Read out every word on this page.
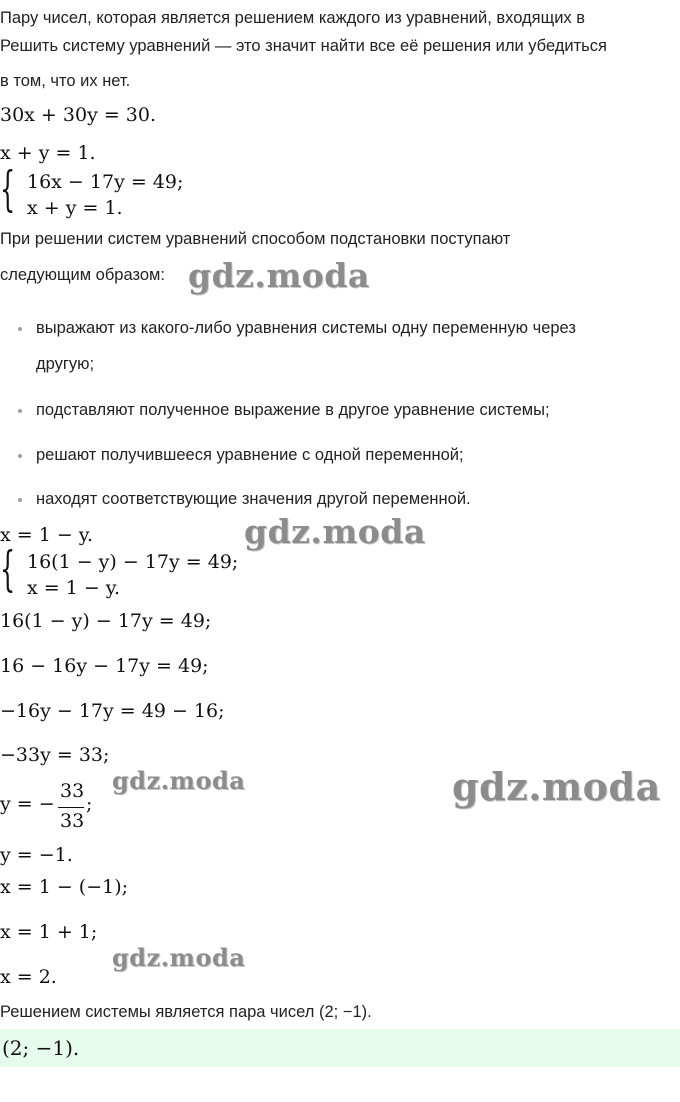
Пару чисел, которая является решением каждого из уравнений, входящих в
Решить систему уравнений — это значит найти все её решения или убедиться
в том, что их нет.
30x + 30y = 30.
x + y = 1.
{ 16x − 17y = 49;
x + y = 1.
При решении систем уравнений способом подстановки поступают
следующим образом: gdz.moda
выражают из какого-либо уравнения системы одну переменную через
другую;
подставляют полученное выражение в другое уравнение системы;
решают получившееся уравнение с одной переменной;
находят соответствующие значения другой переменной.
x = 1 − y.	gdz.moda
{ 16(1 − y) − 17y = 49;
x = 1 − y.
16(1 − y) − 17y = 49;
16 − 16y − 17y = 49;
−16y − 17y = 49 − 16;
−33y = 33;
gdz.moda	gdz.moda
y = −
33
33
;
y = −1.
x = 1 − (−1);
x = 1 + 1;
x = 2.
gdz.moda
Решением системы является пара чисел (2; −1).
(2; −1).
